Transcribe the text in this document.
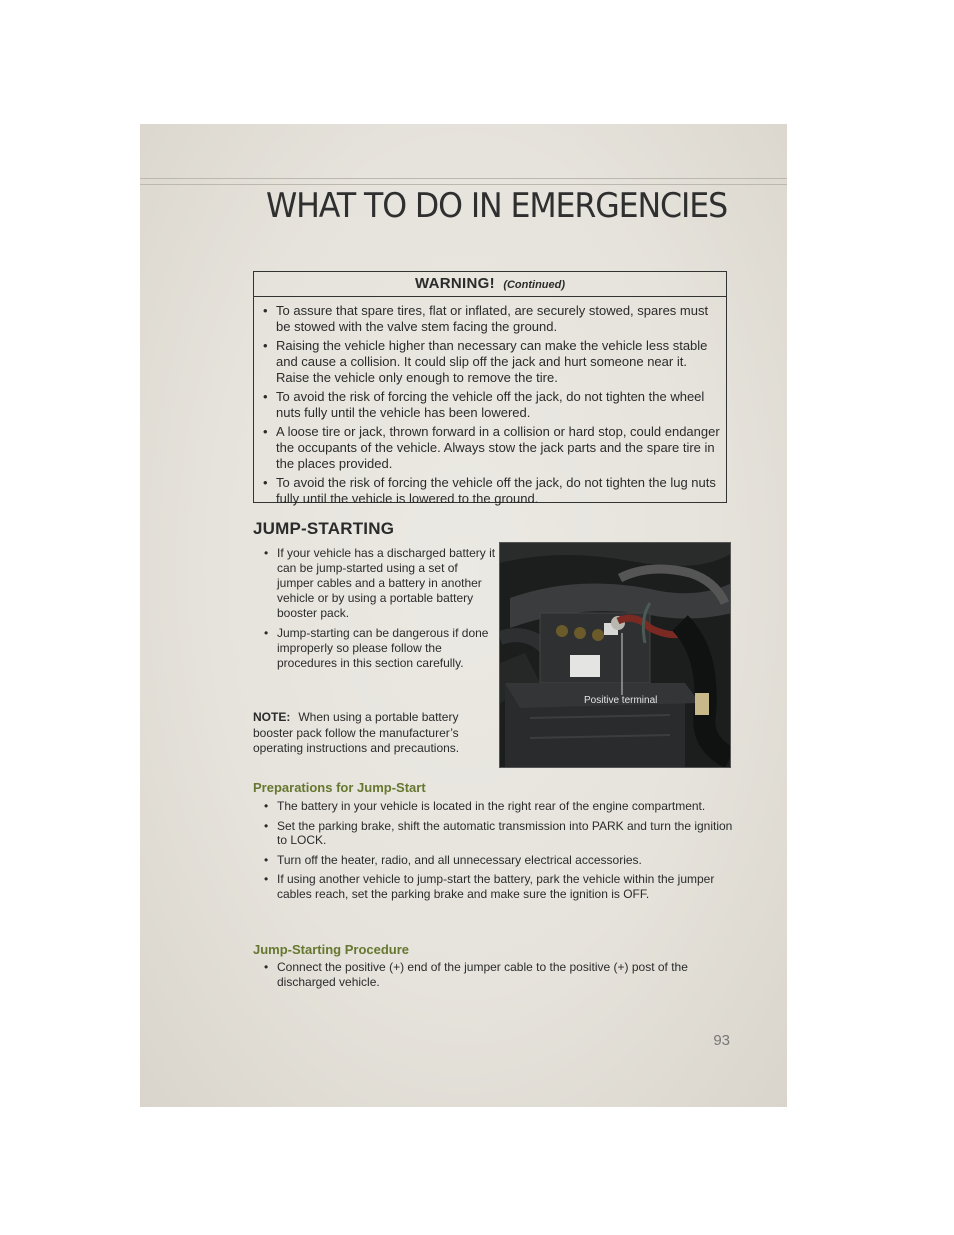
WHAT TO DO IN EMERGENCIES
WARNING! (Continued)
• To assure that spare tires, flat or inflated, are securely stowed, spares must be stowed with the valve stem facing the ground.
• Raising the vehicle higher than necessary can make the vehicle less stable and cause a collision. It could slip off the jack and hurt someone near it. Raise the vehicle only enough to remove the tire.
• To avoid the risk of forcing the vehicle off the jack, do not tighten the wheel nuts fully until the vehicle has been lowered.
• A loose tire or jack, thrown forward in a collision or hard stop, could endanger the occupants of the vehicle. Always stow the jack parts and the spare tire in the places provided.
• To avoid the risk of forcing the vehicle off the jack, do not tighten the lug nuts fully until the vehicle is lowered to the ground.
JUMP-STARTING
• If your vehicle has a discharged battery it can be jump-started using a set of jumper cables and a battery in another vehicle or by using a portable battery booster pack.
• Jump-starting can be dangerous if done improperly so please follow the procedures in this section carefully.

NOTE: When using a portable battery booster pack follow the manufacturer’s operating instructions and precautions.

Positive terminal
Preparations for Jump-Start
• The battery in your vehicle is located in the right rear of the engine compartment.
• Set the parking brake, shift the automatic transmission into PARK and turn the ignition to LOCK.
• Turn off the heater, radio, and all unnecessary electrical accessories.
• If using another vehicle to jump-start the battery, park the vehicle within the jumper cables reach, set the parking brake and make sure the ignition is OFF.
Jump-Starting Procedure
• Connect the positive (+) end of the jumper cable to the positive (+) post of the discharged vehicle.
93
